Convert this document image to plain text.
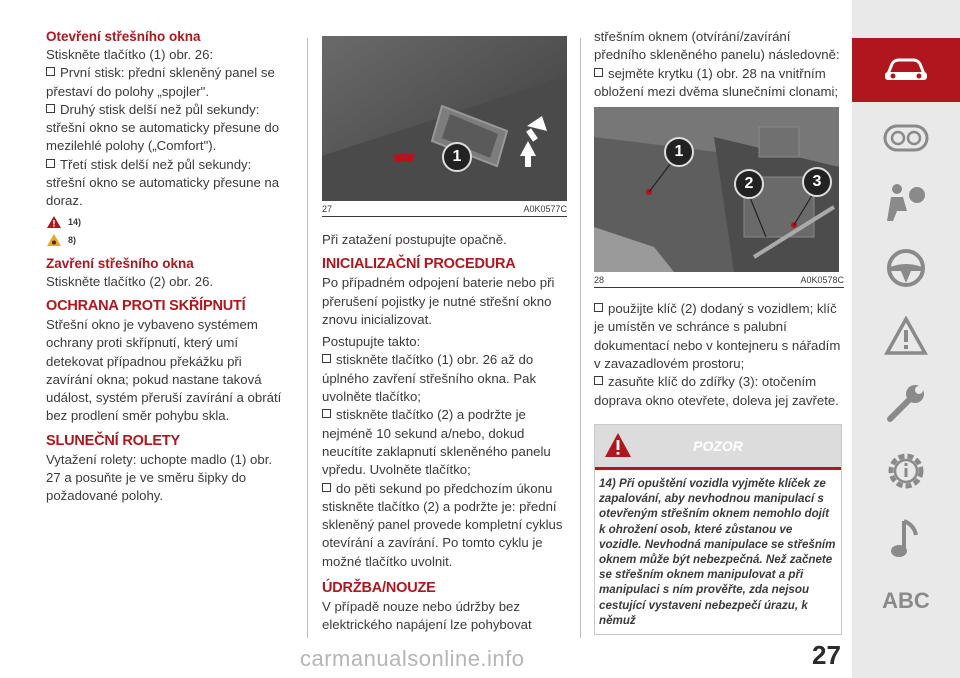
Otevření střešního okna

Stiskněte tlačítko (1) obr. 26:

První stisk: přední skleněný panel se přestaví do polohy „spojler".

Druhý stisk delší než půl sekundy: střešní okno se automaticky přesune do mezilehlé polohy („Comfort").

Třetí stisk delší než půl sekundy: střešní okno se automaticky přesune na doraz.

14)
8)

Zavření střešního okna

Stiskněte tlačítko (2) obr. 26.

OCHRANA PROTI SKŘÍPNUTÍ

Střešní okno je vybaveno systémem ochrany proti skřípnutí, který umí detekovat případnou překážku při zavírání okna; pokud nastane taková událost, systém přeruší zavírání a obrátí bez prodlení směr pohybu skla.

SLUNEČNÍ ROLETY

Vytažení rolety: uchopte madlo (1) obr. 27 a posuňte je ve směru šipky do požadované polohy.

1
27	A0K0577C

Při zatažení postupujte opačně.

INICIALIZAČNÍ PROCEDURA

Po případném odpojení baterie nebo při přerušení pojistky je nutné střešní okno znovu inicializovat.

Postupujte takto:

stiskněte tlačítko (1) obr. 26 až do úplného zavření střešního okna. Pak uvolněte tlačítko;

stiskněte tlačítko (2) a podržte je nejméně 10 sekund a/nebo, dokud neucítíte zaklapnutí skleněného panelu vpředu. Uvolněte tlačítko;

do pěti sekund po předchozím úkonu stiskněte tlačítko (2) a podržte je: přední skleněný panel provede kompletní cyklus otevírání a zavírání. Po tomto cyklu je možné tlačítko uvolnit.

ÚDRŽBA/NOUZE

V případě nouze nebo údržby bez elektrického napájení lze pohybovat

střešním oknem (otvírání/zavírání předního skleněného panelu) následovně:

sejměte krytku (1) obr. 28 na vnitřním obložení mezi dvěma slunečními clonami;

1
2	3
28	A0K0578C

použijte klíč (2) dodaný s vozidlem; klíč je umístěn ve schránce s palubní dokumentací nebo v kontejneru s nářadím v zavazadlovém prostoru;

zasuňte klíč do zdířky (3): otočením doprava okno otevřete, doleva jej zavřete.

POZOR
14) Při opuštění vozidla vyjměte klíček ze zapalování, aby nevhodnou manipulací s otevřeným střešním oknem nemohlo dojít k ohrožení osob, které zůstanou ve vozidle. Nevhodná manipulace se střešním oknem může být nebezpečná. Než začnete se střešním oknem manipulovat a při manipulaci s ním prověřte, zda nejsou cestující vystaveni nebezpečí úrazu, k němuž
27
carmanualsonline.info
ABC
